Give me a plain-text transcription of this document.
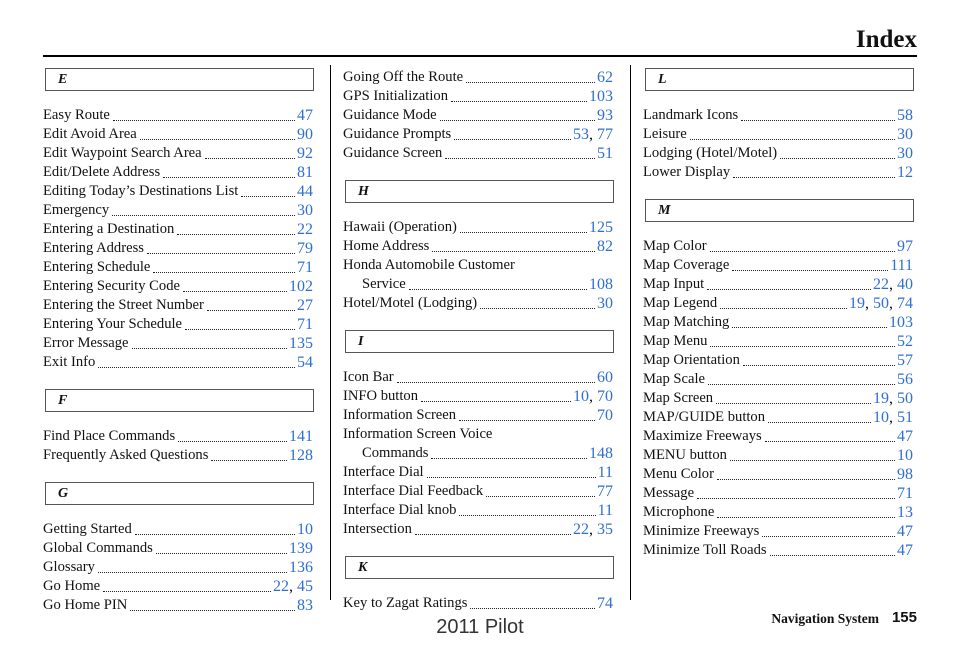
Index
E
Easy Route	47
Edit Avoid Area	90
Edit Waypoint Search Area	92
Edit/Delete Address	81
Editing Today’s Destinations List	44
Emergency	30
Entering a Destination	22
Entering Address	79
Entering Schedule	71
Entering Security Code	102
Entering the Street Number	27
Entering Your Schedule	71
Error Message	135
Exit Info	54
F
Find Place Commands	141
Frequently Asked Questions	128
G
Getting Started	10
Global Commands	139
Glossary	136
Go Home	22, 45
Go Home PIN	83
Going Off the Route	62
GPS Initialization	103
Guidance Mode	93
Guidance Prompts	53, 77
Guidance Screen	51
H
Hawaii (Operation)	125
Home Address	82
Honda Automobile Customer
Service	108
Hotel/Motel (Lodging)	30
I
Icon Bar	60
INFO button	10, 70
Information Screen	70
Information Screen Voice
Commands	148
Interface Dial	11
Interface Dial Feedback	77
Interface Dial knob	11
Intersection	22, 35
K
Key to Zagat Ratings	74
L
Landmark Icons	58
Leisure	30
Lodging (Hotel/Motel)	30
Lower Display	12
M
Map Color	97
Map Coverage	111
Map Input	22, 40
Map Legend	19, 50, 74
Map Matching	103
Map Menu	52
Map Orientation	57
Map Scale	56
Map Screen	19, 50
MAP/GUIDE button	10, 51
Maximize Freeways	47
MENU button	10
Menu Color	98
Message	71
Microphone	13
Minimize Freeways	47
Minimize Toll Roads	47
Navigation System 155
2011 Pilot
